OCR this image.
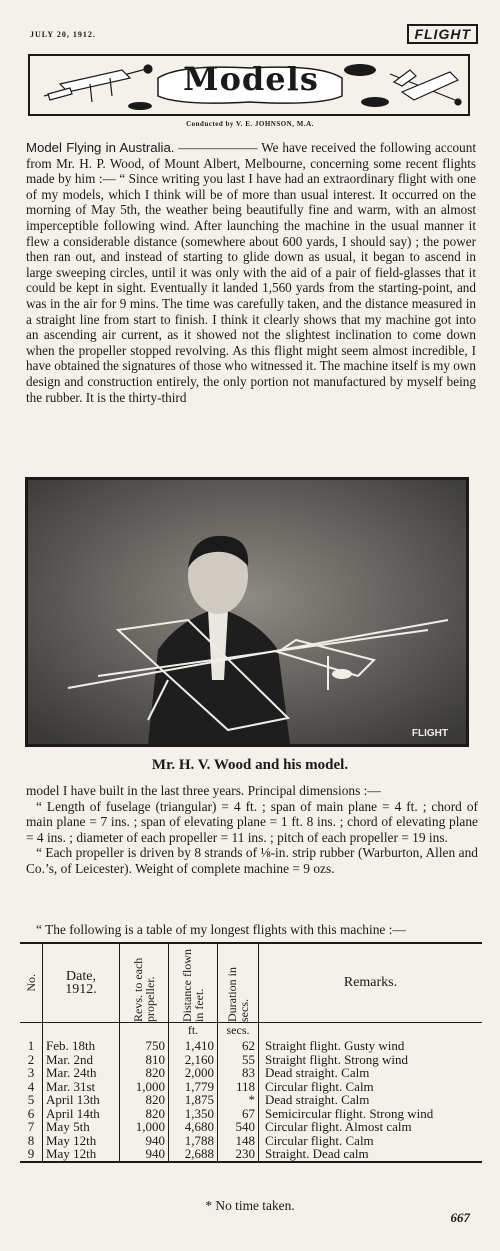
JULY 20, 1912.	FLIGHT
Models
Conducted by V. E. JOHNSON, M.A.
Model Flying in Australia. —————— We have received the following account from Mr. H. P. Wood, of Mount Albert, Melbourne, concerning some recent flights made by him :— “ Since writing you last I have had an extraordinary flight with one of my models, which I think will be of more than usual interest. It occurred on the morning of May 5th, the weather being beautifully fine and warm, with an almost imperceptible following wind. After launching the machine in the usual manner it flew a considerable distance (somewhere about 600 yards, I should say) ; the power then ran out, and instead of starting to glide down as usual, it began to ascend in large sweeping circles, until it was only with the aid of a pair of field-glasses that it could be kept in sight. Eventually it landed 1,560 yards from the starting-point, and was in the air for 9 mins. The time was carefully taken, and the distance measured in a straight line from start to finish. I think it clearly shows that my machine got into an ascending air current, as it showed not the slightest inclination to come down when the propeller stopped revolving. As this flight might seem almost incredible, I have obtained the signatures of those who witnessed it. The machine itself is my own design and construction entirely, the only portion not manufactured by myself being the rubber. It is the thirty-third
FLIGHT
Mr. H. V. Wood and his model.

model I have built in the last three years. Principal dimensions :—

“ Length of fuselage (triangular) = 4 ft. ; span of main plane = 4 ft. ; chord of main plane = 7 ins. ; span of elevating plane = 1 ft. 8 ins. ; chord of elevating plane = 4 ins. ; diameter of each propeller = 11 ins. ; pitch of each propeller = 19 ins.

“ Each propeller is driven by 8 strands of ⅛-in. strip rubber (Warburton, Allen and Co.’s, of Leicester). Weight of complete machine = 9 ozs.

“ The following is a table of my longest flights with this machine :—
No.	Date, 1912.	Revs. to each propeller.	Distance flown in feet.	Duration in secs.	Remarks.

			ft.	secs.	
1	Feb. 18th	750	1,410	62	Straight flight. Gusty wind
2	Mar. 2nd	810	2,160	55	Straight flight. Strong wind
3	Mar. 24th	820	2,000	83	Dead straight. Calm
4	Mar. 31st	1,000	1,779	118	Circular flight. Calm
5	April 13th	820	1,875	*	Dead straight. Calm
6	April 14th	820	1,350	67	Semicircular flight. Strong wind
7	May 5th	1,000	4,680	540	Circular flight. Almost calm
8	May 12th	940	1,788	148	Circular flight. Calm
9	May 12th	940	2,688	230	Straight. Dead calm
* No time taken.
667
